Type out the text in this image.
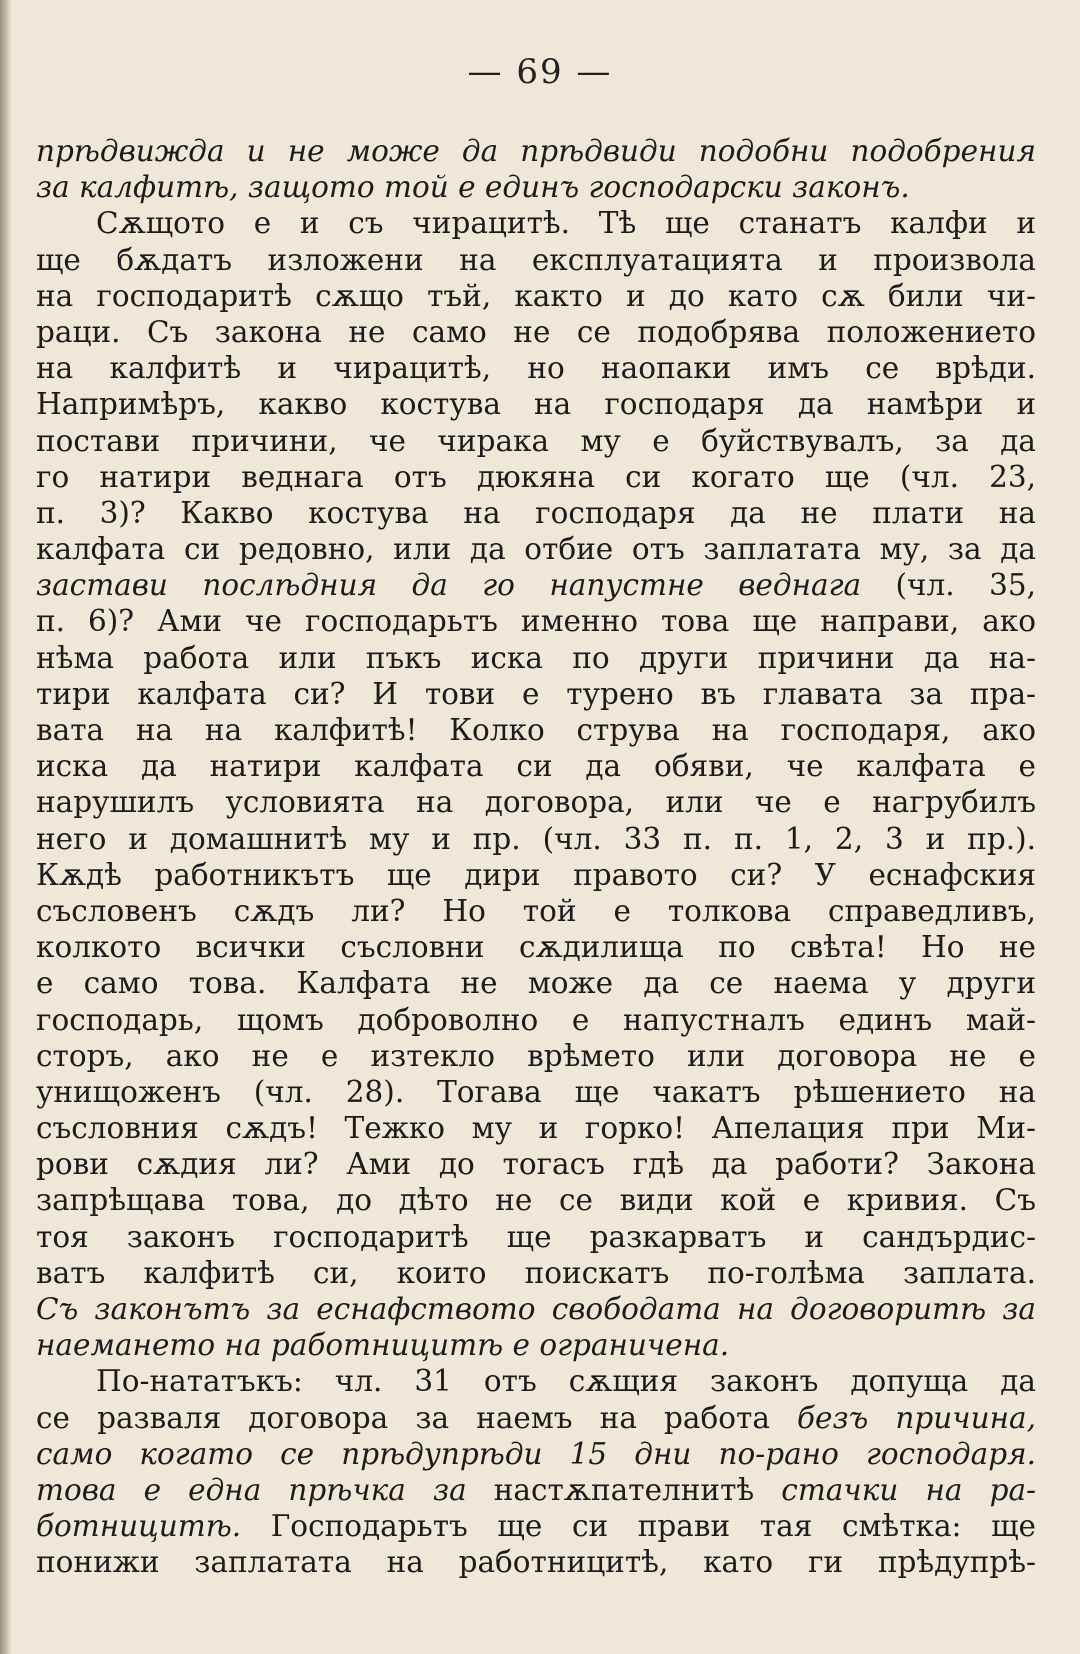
— 69 —
прѣдвижда и не може да прѣдвиди подобни подобрения
за калфитѣ, защото той е единъ господарски законъ.
Сѫщото е и съ чирацитѣ. Тѣ ще станатъ калфи и
ще бѫдатъ изложени на експлуатацията и произвола
на господаритѣ сѫщо тъй, както и до като сѫ били чи-
раци. Съ закона не само не се подобрява положението
на калфитѣ и чирацитѣ, но наопаки имъ се врѣди.
Напримѣръ, какво костува на господаря да намѣри и
постави причини, че чирака му е буйствувалъ, за да
го натири веднага отъ дюкяна си когато ще (чл. 23,
п. 3)? Какво костува на господаря да не плати на
калфата си редовно, или да отбие отъ заплатата му, за да
застави послѣдния да го напустне веднага (чл. 35,
п. 6)? Ами че господарьтъ именно това ще направи, ако
нѣма работа или пъкъ иска по други причини да на-
тири калфата си? И тови е турено въ главата за пра-
вата на на калфитѣ! Колко струва на господаря, ако
иска да натири калфата си да обяви, че калфата е
нарушилъ условията на договора, или че е нагрубилъ
него и домашнитѣ му и пр. (чл. 33 п. п. 1, 2, 3 и пр.).
Кѫдѣ работникътъ ще дири правото си? У еснафския
съсловенъ сѫдъ ли? Но той е толкова справедливъ,
колкото всички съсловни сѫдилища по свѣта! Но не
е само това. Калфата не може да се наема у други
господарь, щомъ доброволно е напустналъ единъ май-
сторъ, ако не е изтекло врѣмето или договора не е
унищоженъ (чл. 28). Тогава ще чакатъ рѣшението на
съсловния сѫдъ! Тежко му и горко! Апелация при Ми-
рови сѫдия ли? Ами до тогасъ гдѣ да работи? Закона
запрѣщава това, до дѣто не се види кой е кривия. Съ
тоя законъ господаритѣ ще разкарватъ и сандърдис-
ватъ калфитѣ си, които поискатъ по-голѣма заплата.
Съ законътъ за еснафството свободата на договоритѣ за
наемането на работницитѣ е ограничена.
По-нататъкъ: чл. 31 отъ сѫщия законъ допуща да
се разваля договора за наемъ на работа безъ причина,
само когато се прѣдупрѣди 15 дни по-рано господаря.
това е една прѣчка за настѫпателнитѣ стачки на ра-
ботницитѣ. Господарьтъ ще си прави тая смѣтка: ще
понижи заплатата на работницитѣ, като ги прѣдупрѣ-
